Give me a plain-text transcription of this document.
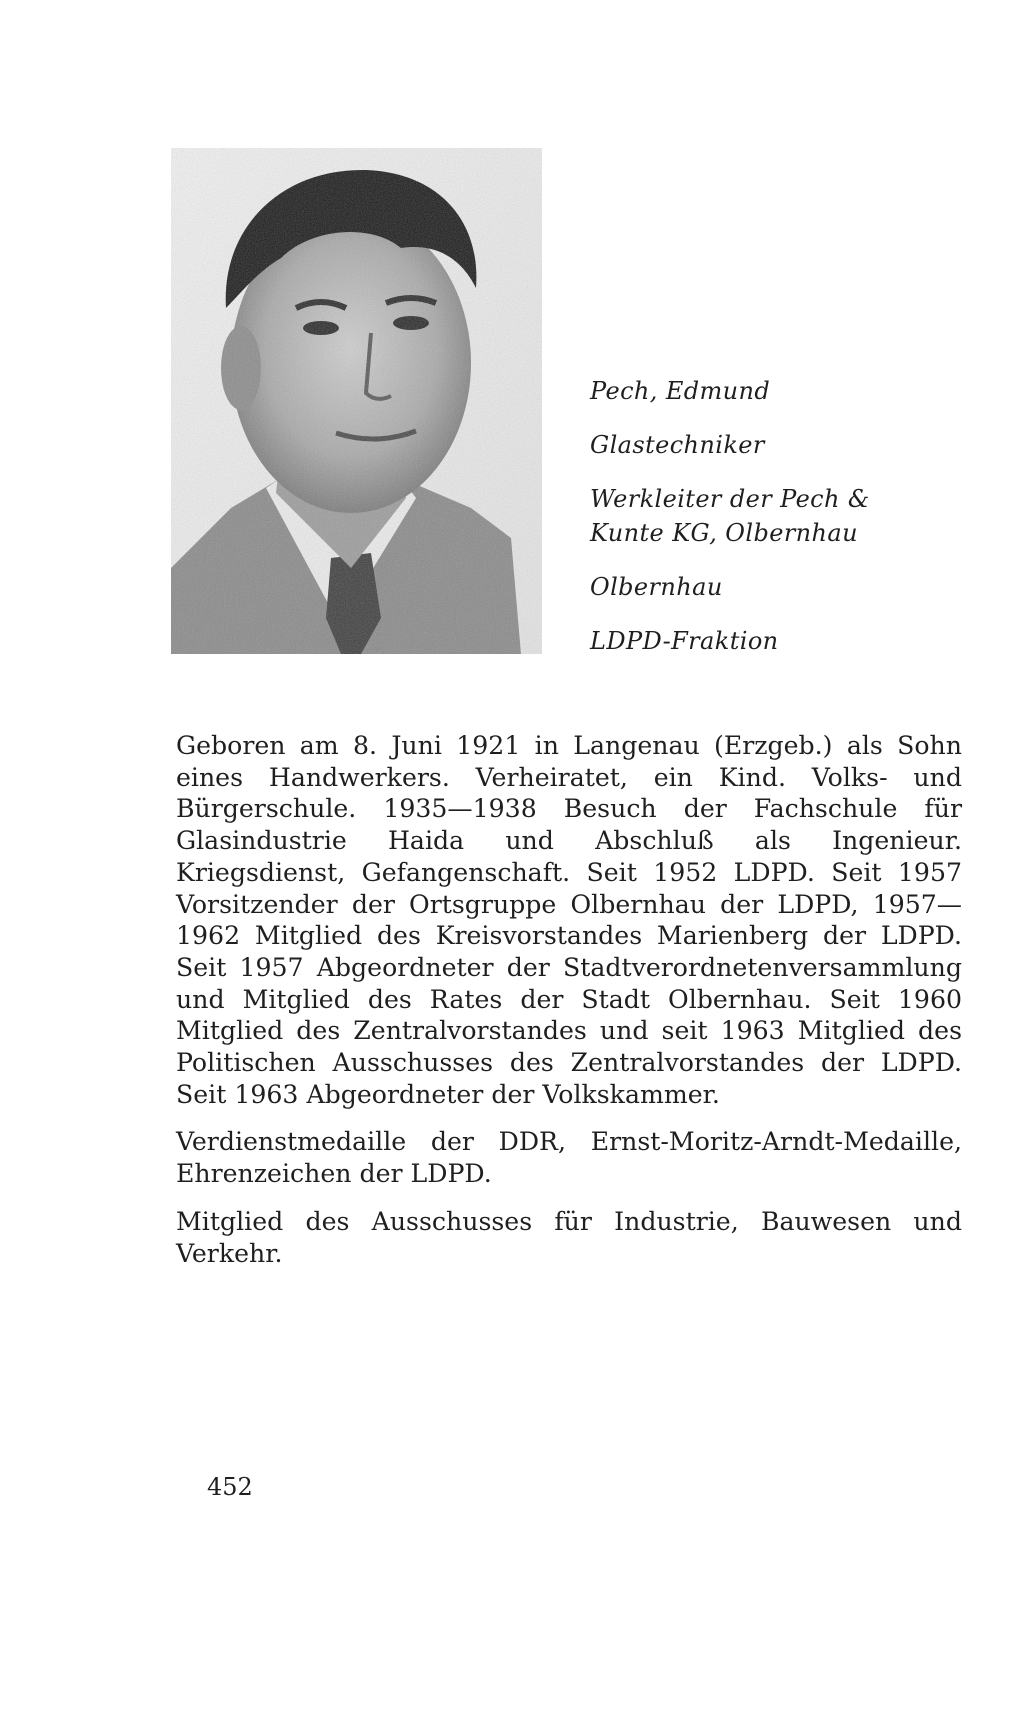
Pech, Edmund
Glastechniker
Werkleiter der Pech &
Kunte KG, Olbernhau
Olbernhau
LDPD-Fraktion

Geboren am 8. Juni 1921 in Langenau (Erzgeb.) als Sohn eines Handwerkers. Verheiratet, ein Kind. Volks- und Bürgerschule. 1935—1938 Besuch der Fachschule für Glasindustrie Haida und Abschluß als Ingenieur. Kriegsdienst, Gefangenschaft. Seit 1952 LDPD. Seit 1957 Vorsitzender der Ortsgruppe Olbernhau der LDPD, 1957—1962 Mitglied des Kreisvorstandes Marienberg der LDPD. Seit 1957 Abgeordneter der Stadtverordnetenversammlung und Mitglied des Rates der Stadt Olbernhau. Seit 1960 Mitglied des Zentralvorstandes und seit 1963 Mitglied des Politischen Ausschusses des Zentralvorstandes der LDPD. Seit 1963 Abgeordneter der Volkskammer.

Verdienstmedaille der DDR, Ernst-Moritz-Arndt-Medaille, Ehrenzeichen der LDPD.

Mitglied des Ausschusses für Industrie, Bauwesen und Verkehr.

452
